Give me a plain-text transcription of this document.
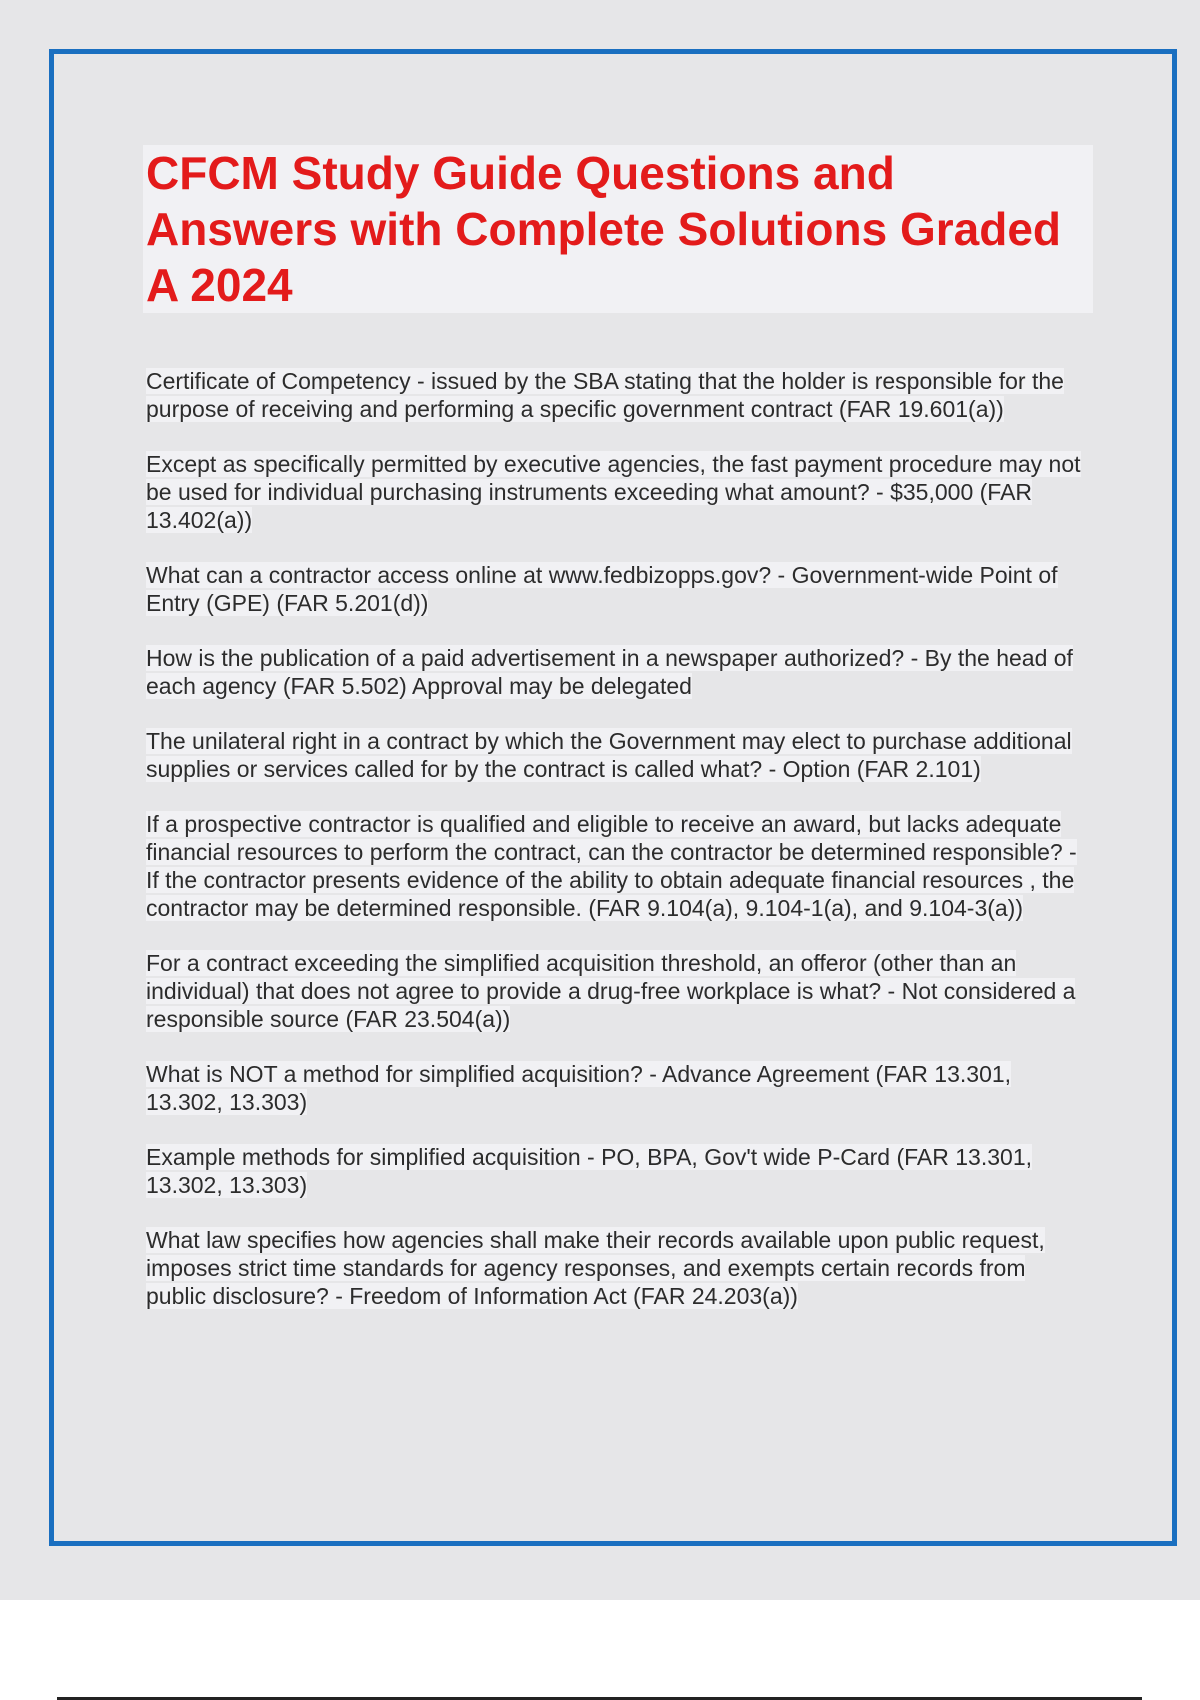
CFCM Study Guide Questions and Answers with Complete Solutions Graded A 2024
Certificate of Competency - issued by the SBA stating that the holder is responsible for the purpose of receiving and performing a specific government contract (FAR 19.601(a))
Except as specifically permitted by executive agencies, the fast payment procedure may not be used for individual purchasing instruments exceeding what amount? - $35,000 (FAR 13.402(a))
What can a contractor access online at www.fedbizopps.gov? - Government-wide Point of Entry (GPE) (FAR 5.201(d))
How is the publication of a paid advertisement in a newspaper authorized? - By the head of each agency (FAR 5.502) Approval may be delegated
The unilateral right in a contract by which the Government may elect to purchase additional supplies or services called for by the contract is called what? - Option (FAR 2.101)
If a prospective contractor is qualified and eligible to receive an award, but lacks adequate financial resources to perform the contract, can the contractor be determined responsible? - If the contractor presents evidence of the ability to obtain adequate financial resources , the contractor may be determined responsible. (FAR 9.104(a), 9.104-1(a), and 9.104-3(a))
For a contract exceeding the simplified acquisition threshold, an offeror (other than an individual) that does not agree to provide a drug-free workplace is what? - Not considered a responsible source (FAR 23.504(a))
What is NOT a method for simplified acquisition? - Advance Agreement (FAR 13.301, 13.302, 13.303)
Example methods for simplified acquisition - PO, BPA, Gov't wide P-Card (FAR 13.301, 13.302, 13.303)
What law specifies how agencies shall make their records available upon public request, imposes strict time standards for agency responses, and exempts certain records from public disclosure? - Freedom of Information Act (FAR 24.203(a))
